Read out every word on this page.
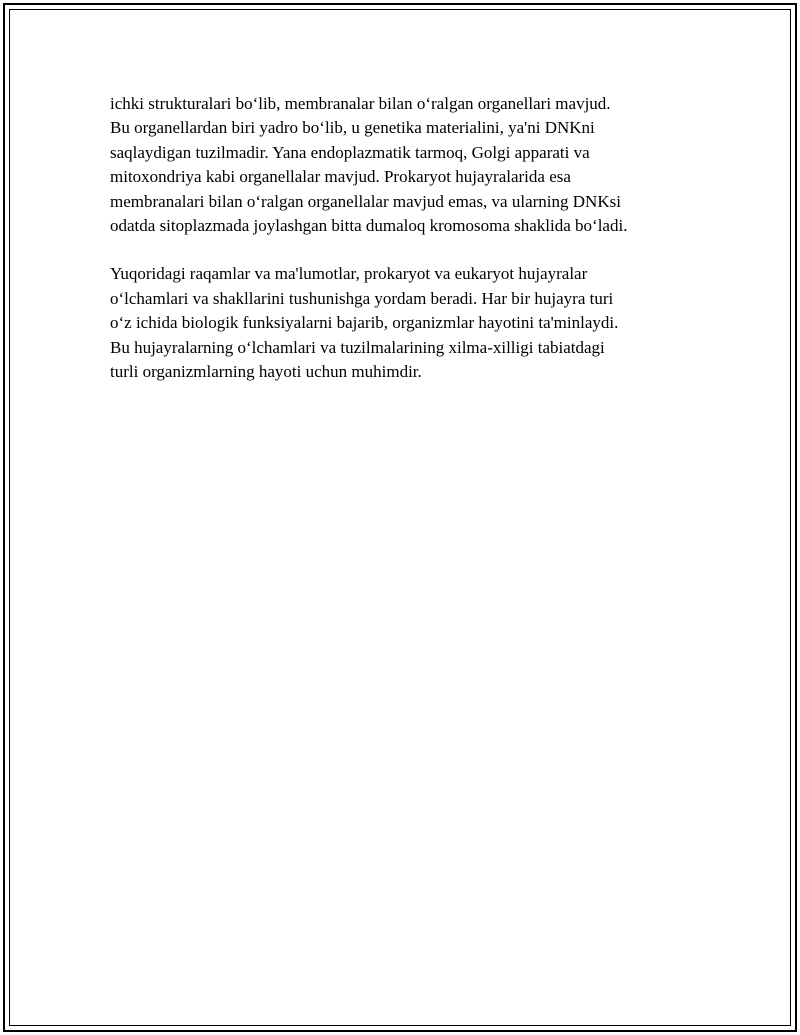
ichki strukturalari bo‘lib, membranalar bilan o‘ralgan organellari mavjud.
Bu organellardan biri yadro bo‘lib, u genetika materialini, ya'ni DNKni
saqlaydigan tuzilmadir. Yana endoplazmatik tarmoq, Golgi apparati va
mitoxondriya kabi organellalar mavjud. Prokaryot hujayralarida esa
membranalari bilan o‘ralgan organellalar mavjud emas, va ularning DNKsi
odatda sitoplazmada joylashgan bitta dumaloq kromosoma shaklida bo‘ladi.

Yuqoridagi raqamlar va ma'lumotlar, prokaryot va eukaryot hujayralar
o‘lchamlari va shakllarini tushunishga yordam beradi. Har bir hujayra turi
o‘z ichida biologik funksiyalarni bajarib, organizmlar hayotini ta'minlaydi.
Bu hujayralarning o‘lchamlari va tuzilmalarining xilma-xilligi tabiatdagi
turli organizmlarning hayoti uchun muhimdir.
